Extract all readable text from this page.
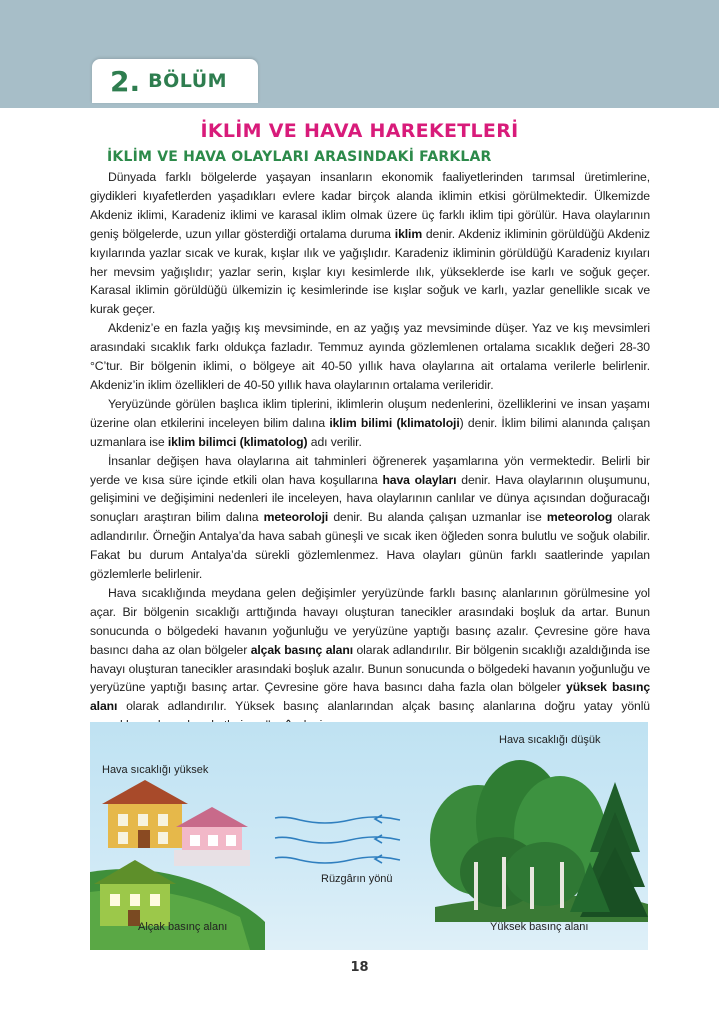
2. BÖLÜM
İKLİM VE HAVA HAREKETLERİ
İKLİM VE HAVA OLAYLARI ARASINDAKİ FARKLAR

Dünyada farklı bölgelerde yaşayan insanların ekonomik faaliyetlerinden tarımsal üretimlerine, giydikleri kıyafetlerden yaşadıkları evlere kadar birçok alanda iklimin etkisi görülmektedir. Ülkemizde Akdeniz iklimi, Karadeniz iklimi ve karasal iklim olmak üzere üç farklı iklim tipi görülür. Hava olaylarının geniş bölgelerde, uzun yıllar gösterdiği ortalama duruma iklim denir. Akdeniz ikliminin görüldüğü Akdeniz kıyılarında yazlar sıcak ve kurak, kışlar ılık ve yağışlıdır. Karadeniz ikliminin görüldüğü Karadeniz kıyıları her mevsim yağışlıdır; yazlar serin, kışlar kıyı kesimlerde ılık, yükseklerde ise karlı ve soğuk geçer. Karasal iklimin görüldüğü ülkemizin iç kesimlerinde ise kışlar soğuk ve karlı, yazlar genellikle sıcak ve kurak geçer.

Akdeniz’e en fazla yağış kış mevsiminde, en az yağış yaz mevsiminde düşer. Yaz ve kış mevsimleri arasındaki sıcaklık farkı oldukça fazladır. Temmuz ayında gözlemlenen ortalama sıcaklık değeri 28-30 °C’tur. Bir bölgenin iklimi, o bölgeye ait 40-50 yıllık hava olaylarına ait ortalama verilerle belirlenir. Akdeniz’in iklim özellikleri de 40-50 yıllık hava olaylarının ortalama verileridir.

Yeryüzünde görülen başlıca iklim tiplerini, iklimlerin oluşum nedenlerini, özelliklerini ve insan yaşamı üzerine olan etkilerini inceleyen bilim dalına iklim bilimi (klimatoloji) denir. İklim bilimi alanında çalışan uzmanlara ise iklim bilimci (klimatolog) adı verilir.

İnsanlar değişen hava olaylarına ait tahminleri öğrenerek yaşamlarına yön vermektedir. Belirli bir yerde ve kısa süre içinde etkili olan hava koşullarına hava olayları denir. Hava olaylarının oluşumunu, gelişimini ve değişimini nedenleri ile inceleyen, hava olaylarının canlılar ve dünya açısından doğuracağı sonuçları araştıran bilim dalına meteoroloji denir. Bu alanda çalışan uzmanlar ise meteorolog olarak adlandırılır. Örneğin Antalya’da hava sabah güneşli ve sıcak iken öğleden sonra bulutlu ve soğuk olabilir. Fakat bu durum Antalya’da sürekli gözlemlenmez. Hava olayları günün farklı saatlerinde yapılan gözlemlerle belirlenir.

Hava sıcaklığında meydana gelen değişimler yeryüzünde farklı basınç alanlarının görülmesine yol açar. Bir bölgenin sıcaklığı arttığında havayı oluşturan tanecikler arasındaki boşluk da artar. Bunun sonucunda o bölgedeki havanın yoğunluğu ve yeryüzüne yaptığı basınç azalır. Çevresine göre hava basıncı daha az olan bölgeler alçak basınç alanı olarak adlandırılır. Bir bölgenin sıcaklığı azaldığında ise havayı oluşturan tanecikler arasındaki boşluk azalır. Bunun sonucunda o bölgedeki havanın yoğunluğu ve yeryüzüne yaptığı basınç artar. Çevresine göre hava basıncı daha fazla olan bölgeler yüksek basınç alanı olarak adlandırılır. Yüksek basınç alanlarından alçak basınç alanlarına doğru yatay yönlü

Hava sıcaklığı yüksek
Hava sıcaklığı düşük
Rüzgârın yönü
Alçak basınç alanı	Yüksek basınç alanı
18
